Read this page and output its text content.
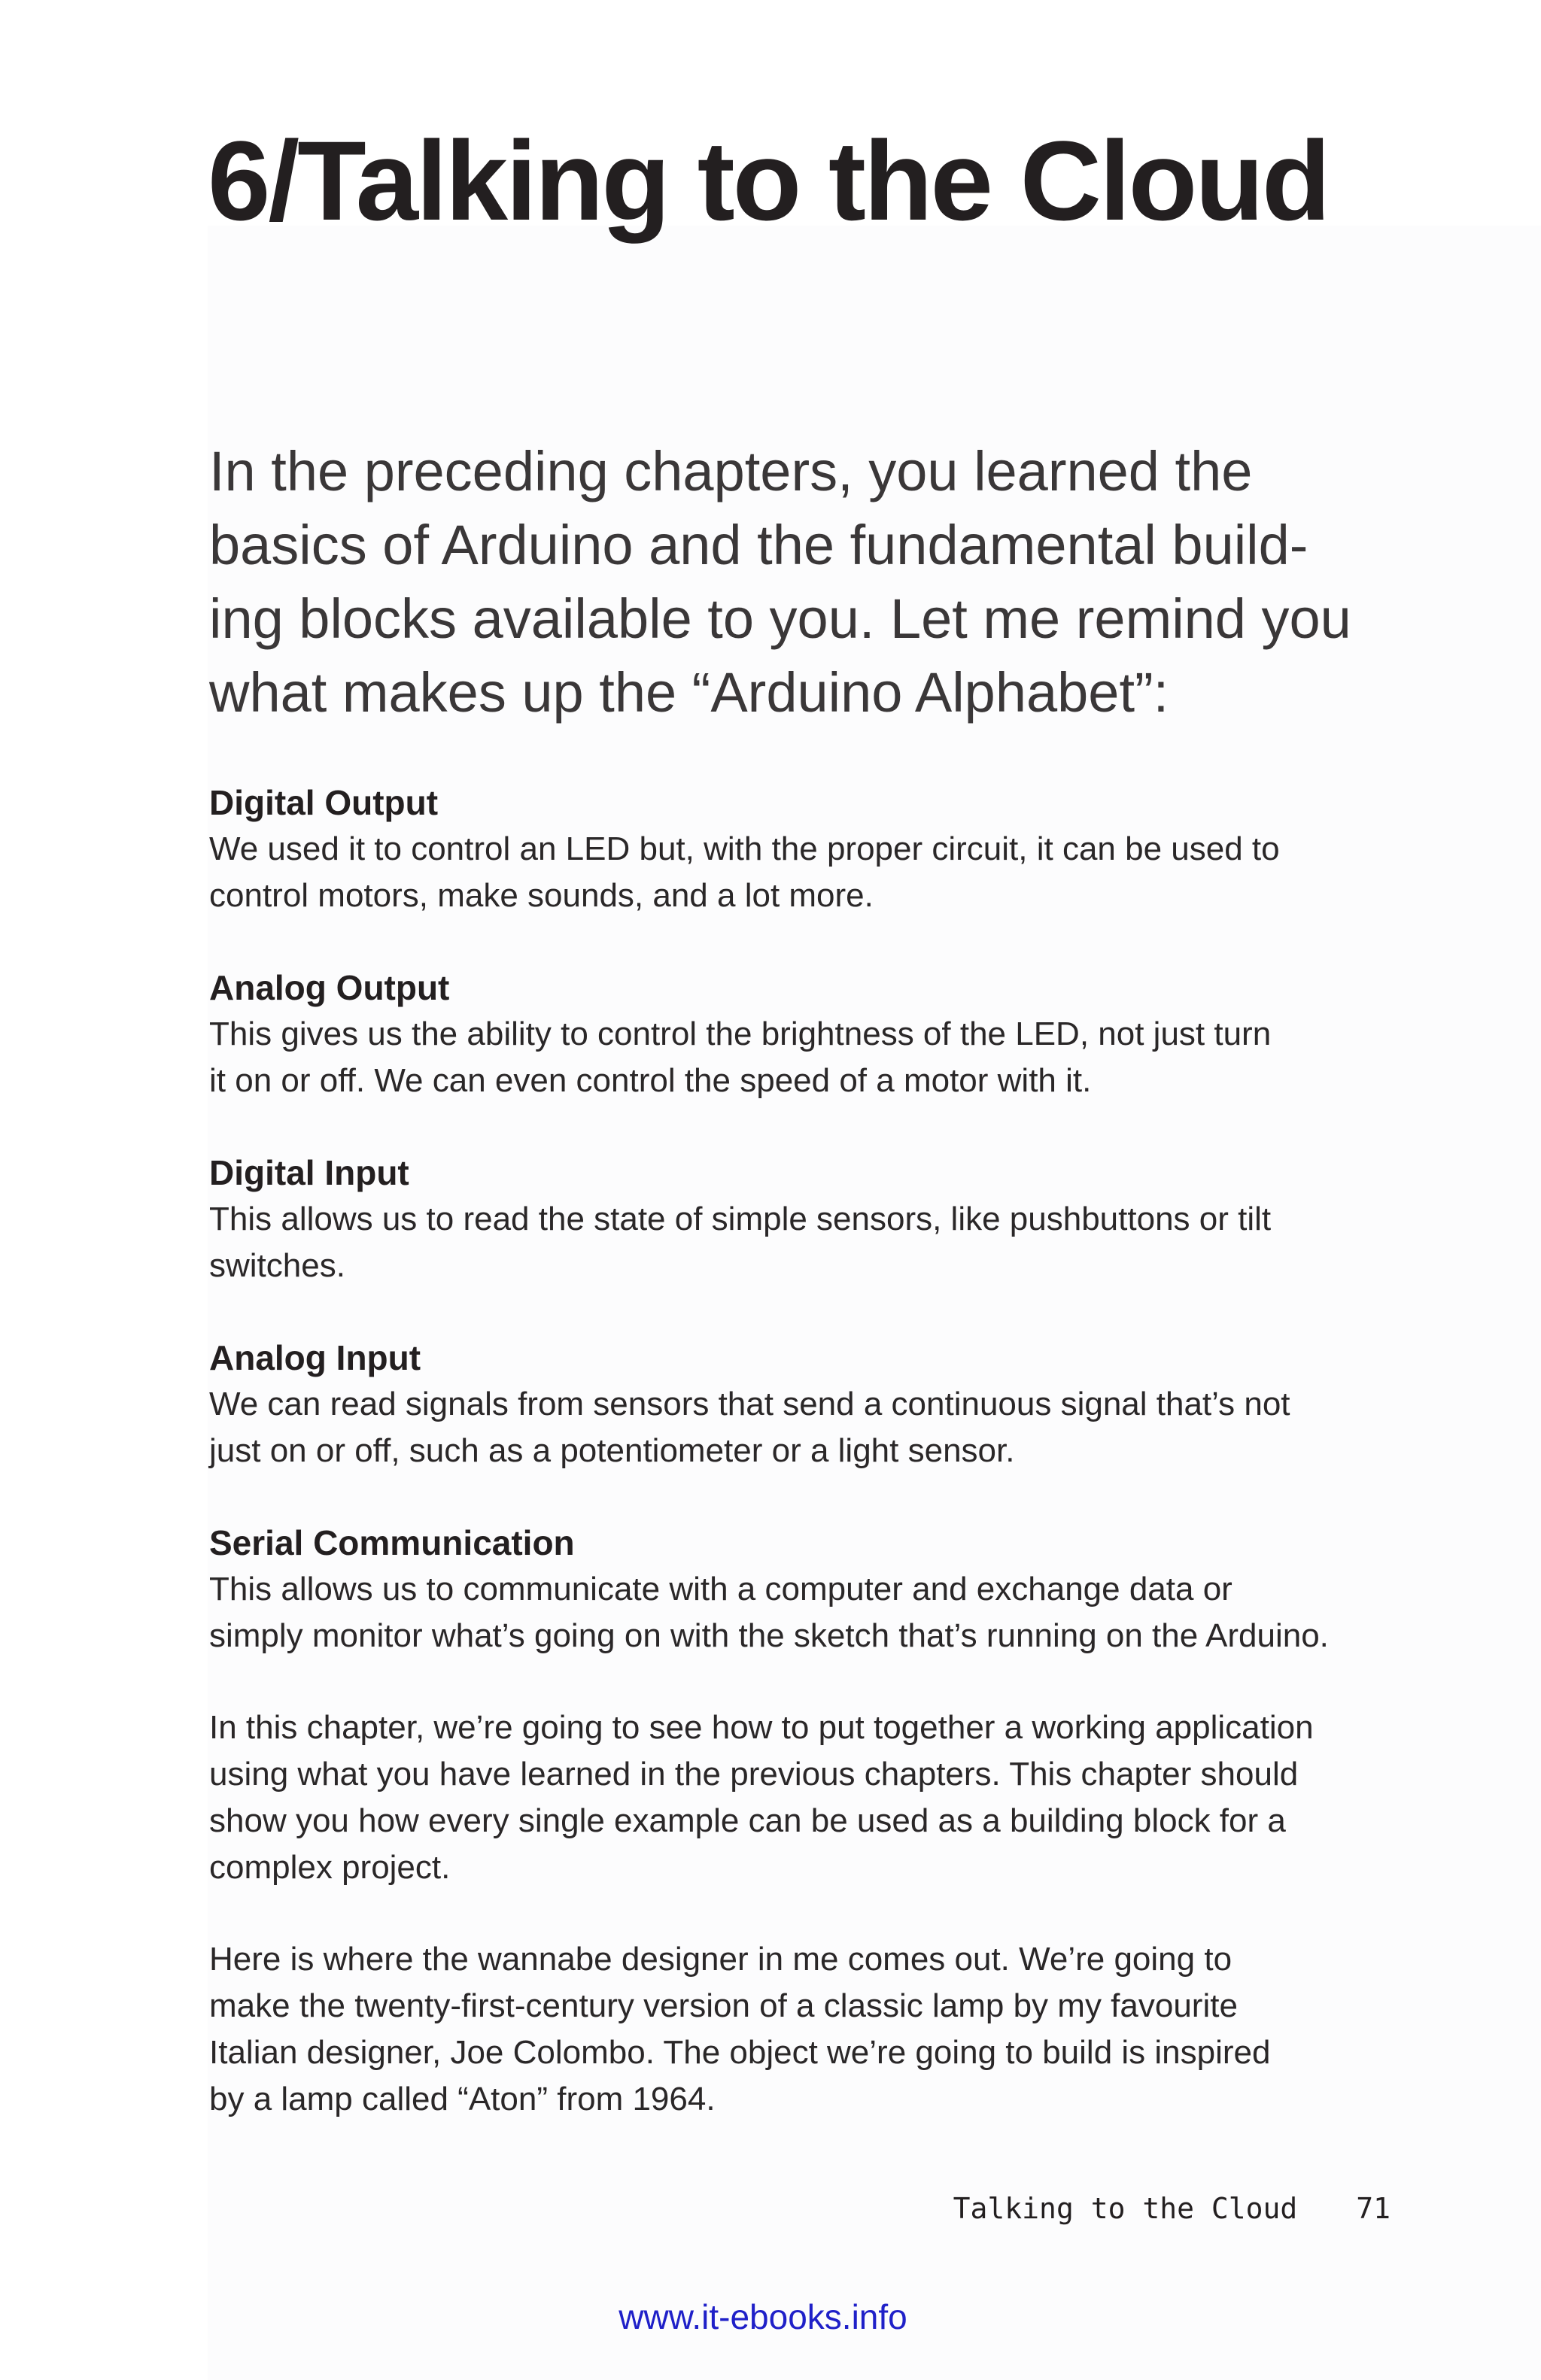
6/Talking to the Cloud
In the preceding chapters, you learned the
basics of Arduino and the fundamental build-
ing blocks available to you. Let me remind you
what makes up the “Arduino Alphabet”:
Digital Output

We used it to control an LED but, with the proper circuit, it can be used to
control motors, make sounds, and a lot more.

Analog Output

This gives us the ability to control the brightness of the LED, not just turn
it on or off. We can even control the speed of a motor with it.

Digital Input

This allows us to read the state of simple sensors, like pushbuttons or tilt
switches.

Analog Input

We can read signals from sensors that send a continuous signal that’s not
just on or off, such as a potentiometer or a light sensor.

Serial Communication

This allows us to communicate with a computer and exchange data or
simply monitor what’s going on with the sketch that’s running on the Arduino.

In this chapter, we’re going to see how to put together a working application
using what you have learned in the previous chapters. This chapter should
show you how every single example can be used as a building block for a
complex project.

Here is where the wannabe designer in me comes out. We’re going to
make the twenty-first-century version of a classic lamp by my favourite
Italian designer, Joe Colombo. The object we’re going to build is inspired
by a lamp called “Aton” from 1964.

Talking to the Cloud 71
www.it-ebooks.info
